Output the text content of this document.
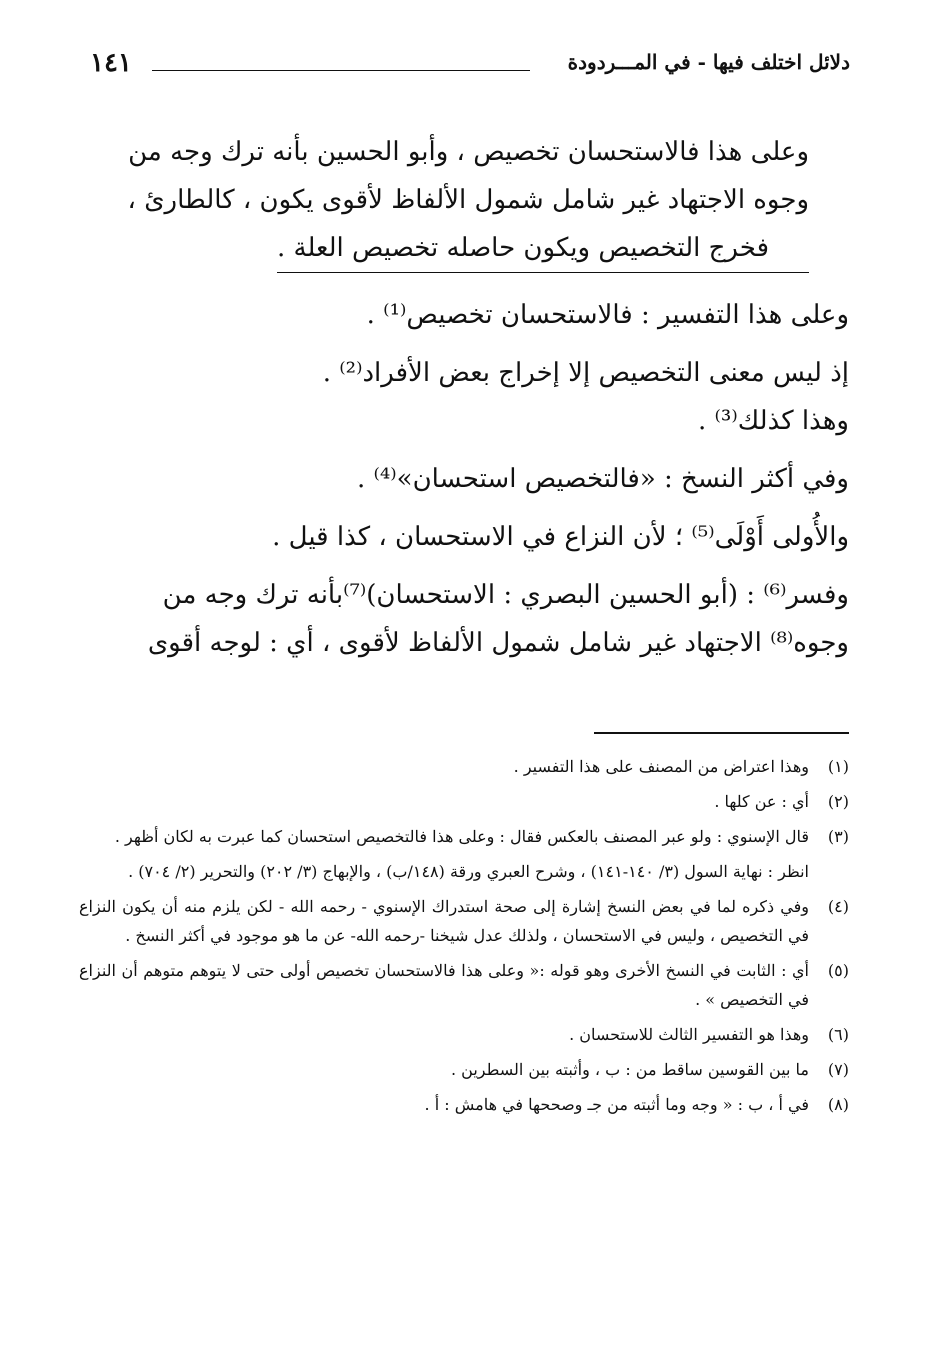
دلائل اختلف فيها - في المـــردودة
١٤١

وعلى هذا فالاستحسان تخصيص ، وأبو الحسين بأنه ترك وجه من
وجوه الاجتهاد غير شامل شمول الألفاظ لأقوى يكون ، كالطارئ ،
فخرج التخصيص ويكون حاصله تخصيص العلة .

وعلى هذا التفسير : فالاستحسان تخصيص⁽¹⁾ .

إذ ليس معنى التخصيص إلا إخراج بعض الأفراد⁽²⁾ .

وهذا كذلك⁽³⁾ .

وفي أكثر النسخ : «فالتخصيص استحسان»⁽⁴⁾ .

والأُولى أَوْلَى⁽⁵⁾ ؛ لأن النزاع في الاستحسان ، كذا قيل .

وفسر⁽⁶⁾ : (أبو الحسين البصري : الاستحسان)⁽⁷⁾بأنه ترك وجه من
وجوه⁽⁸⁾ الاجتهاد غير شامل شمول الألفاظ لأقوى ، أي : لوجه أقوى

(١)
وهذا اعتراض من المصنف على هذا التفسير .
(٢)
أي : عن كلها .
(٣)
قال الإسنوي : ولو عبر المصنف بالعكس فقال : وعلى هذا فالتخصيص استحسان كما عبرت به لكان أظهر .
انظر : نهاية السول (٣/ ١٤٠-١٤١) ، وشرح العبري ورقة (١٤٨/ب) ، والإبهاج (٣/ ٢٠٢) والتحرير (٢/ ٧٠٤) .
(٤)
وفي ذكره لما في بعض النسخ إشارة إلى صحة استدراك الإسنوي - رحمه الله - لكن يلزم منه أن يكون النزاع في التخصيص ، وليس في الاستحسان ، ولذلك عدل شيخنا -رحمه الله- عن ما هو موجود في أكثر النسخ .
(٥)
أي : الثابت في النسخ الأخرى وهو قوله :« وعلى هذا فالاستحسان تخصيص أولى حتى لا يتوهم متوهم أن النزاع في التخصيص » .
(٦)
وهذا هو التفسير الثالث للاستحسان .
(٧)
ما بين القوسين ساقط من : ب ، وأثبته بين السطرين .
(٨)
في أ ، ب : « وجه وما أثبته من جـ وصححها في هامش : أ .
